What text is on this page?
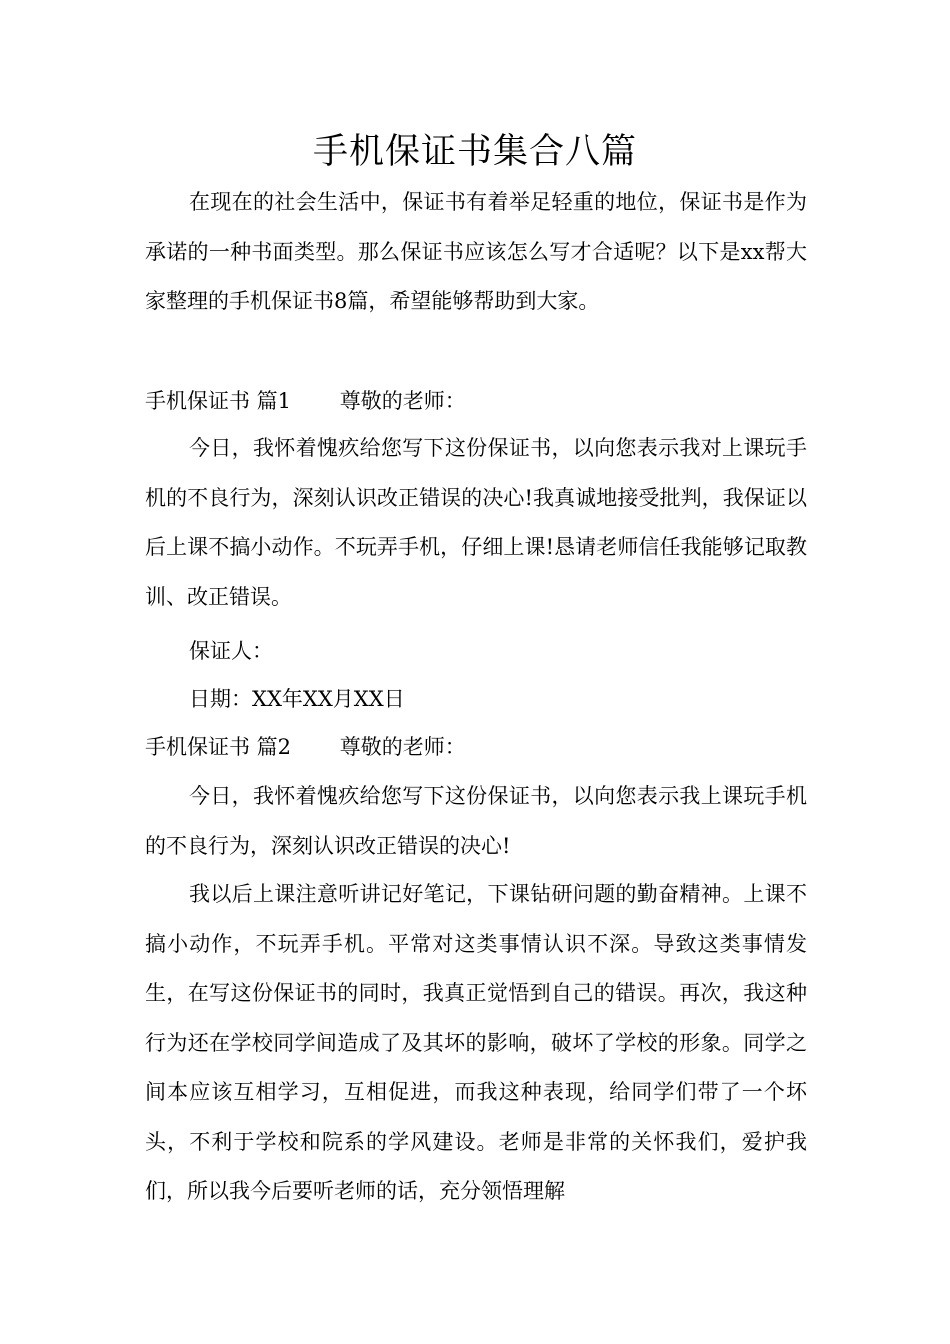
手机保证书集合八篇

在现在的社会生活中，保证书有着举足轻重的地位，保证书是作为承诺的一种书面类型。那么保证书应该怎么写才合适呢？以下是xx帮大家整理的手机保证书8篇，希望能够帮助到大家。

手机保证书 篇1　　 尊敬的老师：

今日，我怀着愧疚给您写下这份保证书，以向您表示我对上课玩手机的不良行为，深刻认识改正错误的决心!我真诚地接受批判，我保证以后上课不搞小动作。不玩弄手机，仔细上课!恳请老师信任我能够记取教训、改正错误。

保证人：
日期：XX年XX月XX日
手机保证书 篇2　　 尊敬的老师：

今日，我怀着愧疚给您写下这份保证书，以向您表示我上课玩手机的不良行为，深刻认识改正错误的决心!

我以后上课注意听讲记好笔记，下课钻研问题的勤奋精神。上课不搞小动作，不玩弄手机。平常对这类事情认识不深。导致这类事情发生，在写这份保证书的同时，我真正觉悟到自己的错误。再次，我这种行为还在学校同学间造成了及其坏的影响，破坏了学校的形象。同学之间本应该互相学习，互相促进，而我这种表现，给同学们带了一个坏头，不利于学校和院系的学风建设。老师是非常的关怀我们，爱护我们，所以我今后要听老师的话，充分领悟理解
